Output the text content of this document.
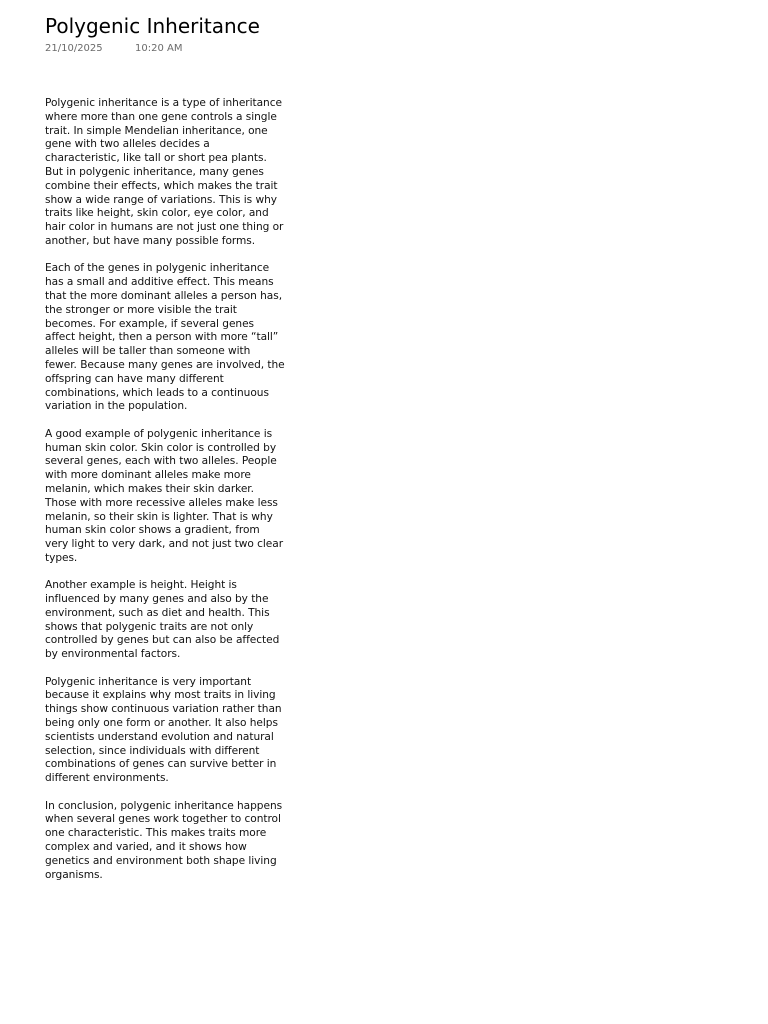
Polygenic Inheritance
21/10/2025	10:20 AM

Polygenic inheritance is a type of inheritance where more than one gene controls a single trait. In simple Mendelian inheritance, one gene with two alleles decides a characteristic, like tall or short pea plants. But in polygenic inheritance, many genes combine their effects, which makes the trait show a wide range of variations. This is why traits like height, skin color, eye color, and hair color in humans are not just one thing or another, but have many possible forms.

Each of the genes in polygenic inheritance has a small and additive effect. This means that the more dominant alleles a person has, the stronger or more visible the trait becomes. For example, if several genes affect height, then a person with more “tall” alleles will be taller than someone with fewer. Because many genes are involved, the offspring can have many different combinations, which leads to a continuous variation in the population.

A good example of polygenic inheritance is human skin color. Skin color is controlled by several genes, each with two alleles. People with more dominant alleles make more melanin, which makes their skin darker. Those with more recessive alleles make less melanin, so their skin is lighter. That is why human skin color shows a gradient, from very light to very dark, and not just two clear types.

Another example is height. Height is influenced by many genes and also by the environment, such as diet and health. This shows that polygenic traits are not only controlled by genes but can also be affected by environmental factors.

Polygenic inheritance is very important because it explains why most traits in living things show continuous variation rather than being only one form or another. It also helps scientists understand evolution and natural selection, since individuals with different combinations of genes can survive better in different environments.

In conclusion, polygenic inheritance happens when several genes work together to control one characteristic. This makes traits more complex and varied, and it shows how genetics and environment both shape living organisms.
